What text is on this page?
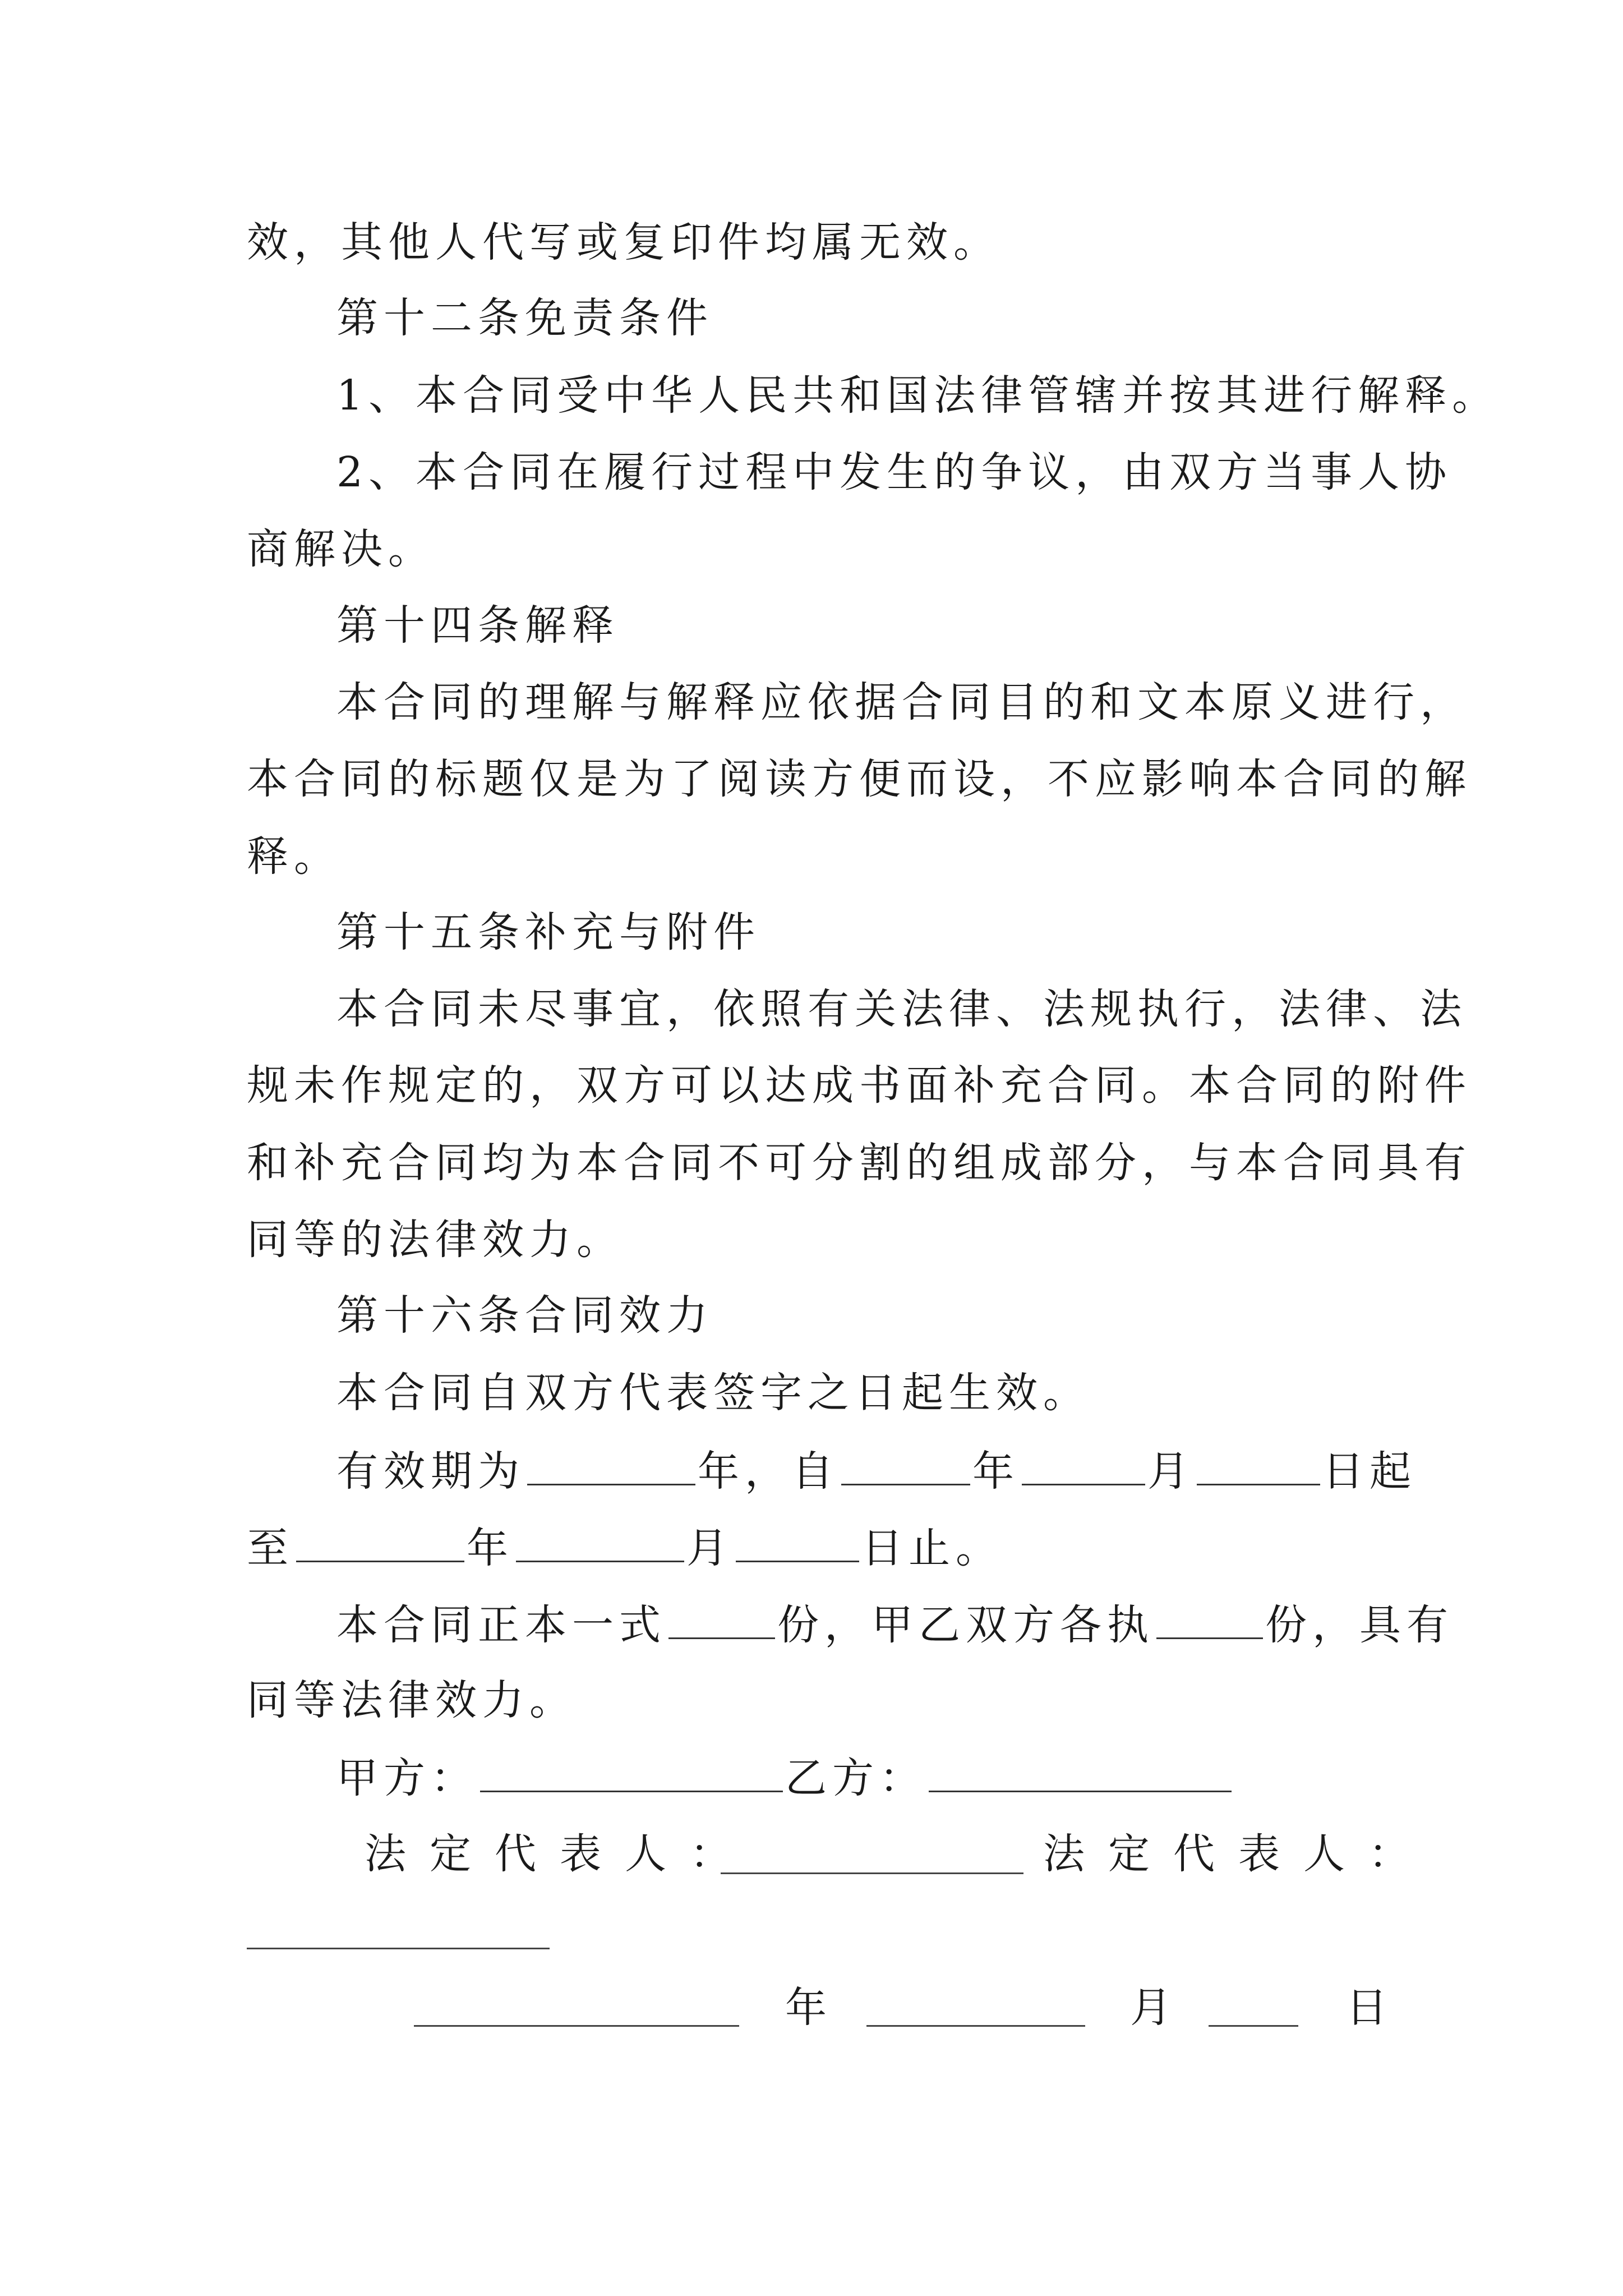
效，其他人代写或复印件均属无效。
第十二条免责条件
1、本合同受中华人民共和国法律管辖并按其进行解释。
2、本合同在履行过程中发生的争议，由双方当事人协
商解决。
第十四条解释
本合同的理解与解释应依据合同目的和文本原义进行，
本合同的标题仅是为了阅读方便而设，不应影响本合同的解
释。
第十五条补充与附件
本合同未尽事宜，依照有关法律、法规执行，法律、法
规未作规定的，双方可以达成书面补充合同。本合同的附件
和补充合同均为本合同不可分割的组成部分，与本合同具有
同等的法律效力。
第十六条合同效力
本合同自双方代表签字之日起生效。
有效期为	年，自	年	月	日起
至	年	月	日止。
本合同正本一式	份，甲乙双方各执	份，具有
同等法律效力。
甲方：	乙方：
法定代表人：	法定代表人：
年	月	日
